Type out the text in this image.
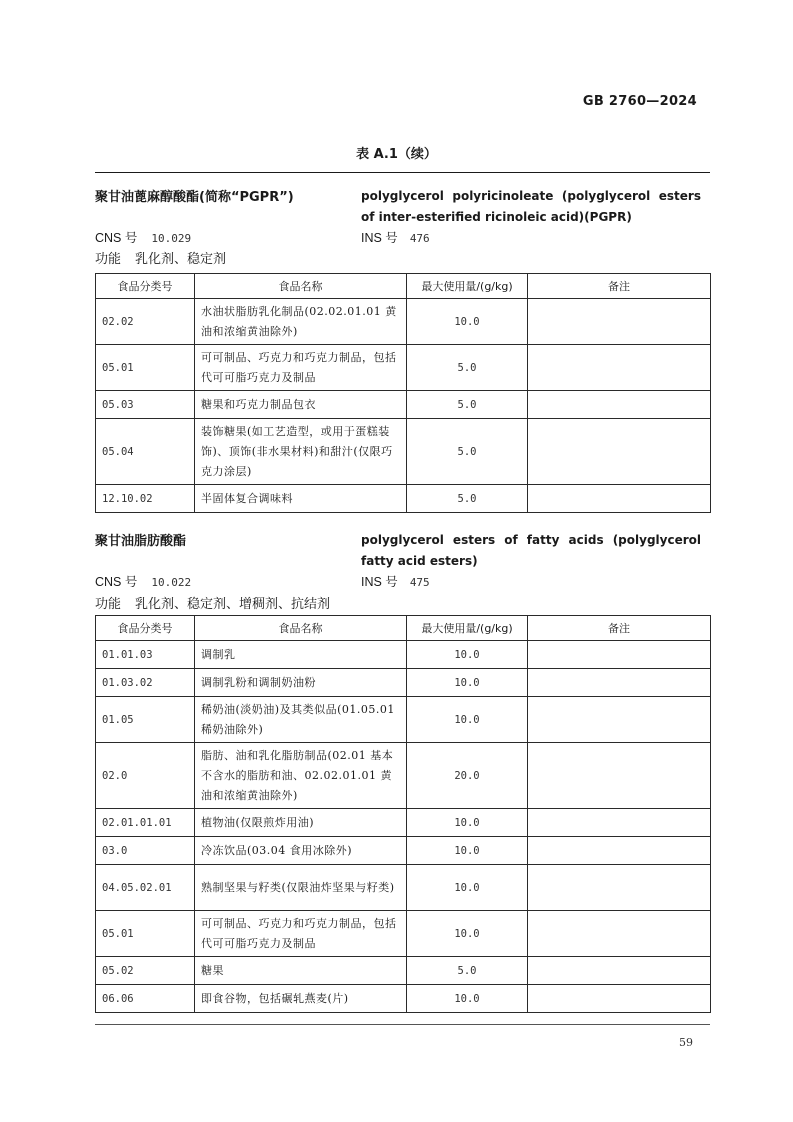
GB 2760—2024
表 A.1（续）
聚甘油蓖麻醇酸酯(简称“PGPR”)	polyglycerol polyricinoleate (polyglycerol esters of inter-esterified ricinoleic acid)(PGPR)
CNS 号 10.029	INS 号 476
功能 乳化剂、稳定剂
食品分类号	食品名称	最大使用量/(g/kg)	备注
02.02	水油状脂肪乳化制品(02.02.01.01 黄油和浓缩黄油除外)	10.0	
05.01	可可制品、巧克力和巧克力制品，包括代可可脂巧克力及制品	5.0	
05.03	糖果和巧克力制品包衣	5.0	
05.04	装饰糖果(如工艺造型，或用于蛋糕装饰)、顶饰(非水果材料)和甜汁(仅限巧克力涂层)	5.0	
12.10.02	半固体复合调味料	5.0	
聚甘油脂肪酸酯	polyglycerol esters of fatty acids (polyglycerol fatty acid esters)
CNS 号 10.022	INS 号 475
功能 乳化剂、稳定剂、增稠剂、抗结剂
食品分类号	食品名称	最大使用量/(g/kg)	备注
01.01.03	调制乳	10.0	
01.03.02	调制乳粉和调制奶油粉	10.0	
01.05	稀奶油(淡奶油)及其类似品(01.05.01 稀奶油除外)	10.0	
02.0	脂肪、油和乳化脂肪制品(02.01 基本不含水的脂肪和油、02.02.01.01 黄油和浓缩黄油除外)	20.0	
02.01.01.01	植物油(仅限煎炸用油)	10.0	
03.0	冷冻饮品(03.04 食用冰除外)	10.0	
04.05.02.01	熟制坚果与籽类(仅限油炸坚果与籽类)	10.0	
05.01	可可制品、巧克力和巧克力制品，包括代可可脂巧克力及制品	10.0	
05.02	糖果	5.0	
06.06	即食谷物，包括碾轧燕麦(片)	10.0	
59
